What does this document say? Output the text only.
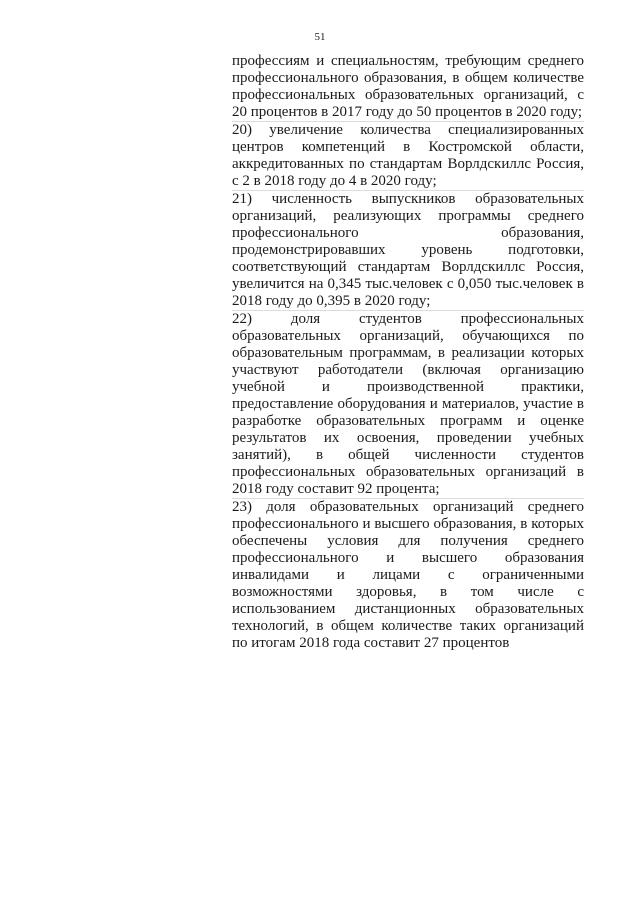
51

профессиям и специальностям, требующим среднего профессионального образования, в общем количестве профессиональных образовательных организаций, с 20 процентов в 2017 году до 50 процентов в 2020 году;

20) увеличение количества специализированных центров компетенций в Костромской области, аккредитованных по стандартам Ворлдскиллс Россия, с 2 в 2018 году до 4 в 2020 году;

21) численность выпускников образовательных организаций, реализующих программы среднего профессионального образования, продемонстрировавших уровень подготовки, соответствующий стандартам Ворлдскиллс Россия, увеличится на 0,345 тыс.человек с 0,050 тыс.человек в 2018 году до 0,395 в 2020 году;

22) доля студентов профессиональных образовательных организаций, обучающихся по образовательным программам, в реализации которых участвуют работодатели (включая организацию учебной и производственной практики, предоставление оборудования и материалов, участие в разработке образовательных программ и оценке результатов их освоения, проведении учебных занятий), в общей численности студентов профессиональных образовательных организаций в 2018 году составит 92 процента;

23) доля образовательных организаций среднего профессионального и высшего образования, в которых обеспечены условия для получения среднего профессионального и высшего образования инвалидами и лицами с ограниченными возможностями здоровья, в том числе с использованием дистанционных образовательных технологий, в общем количестве таких организаций по итогам 2018 года составит 27 процентов
